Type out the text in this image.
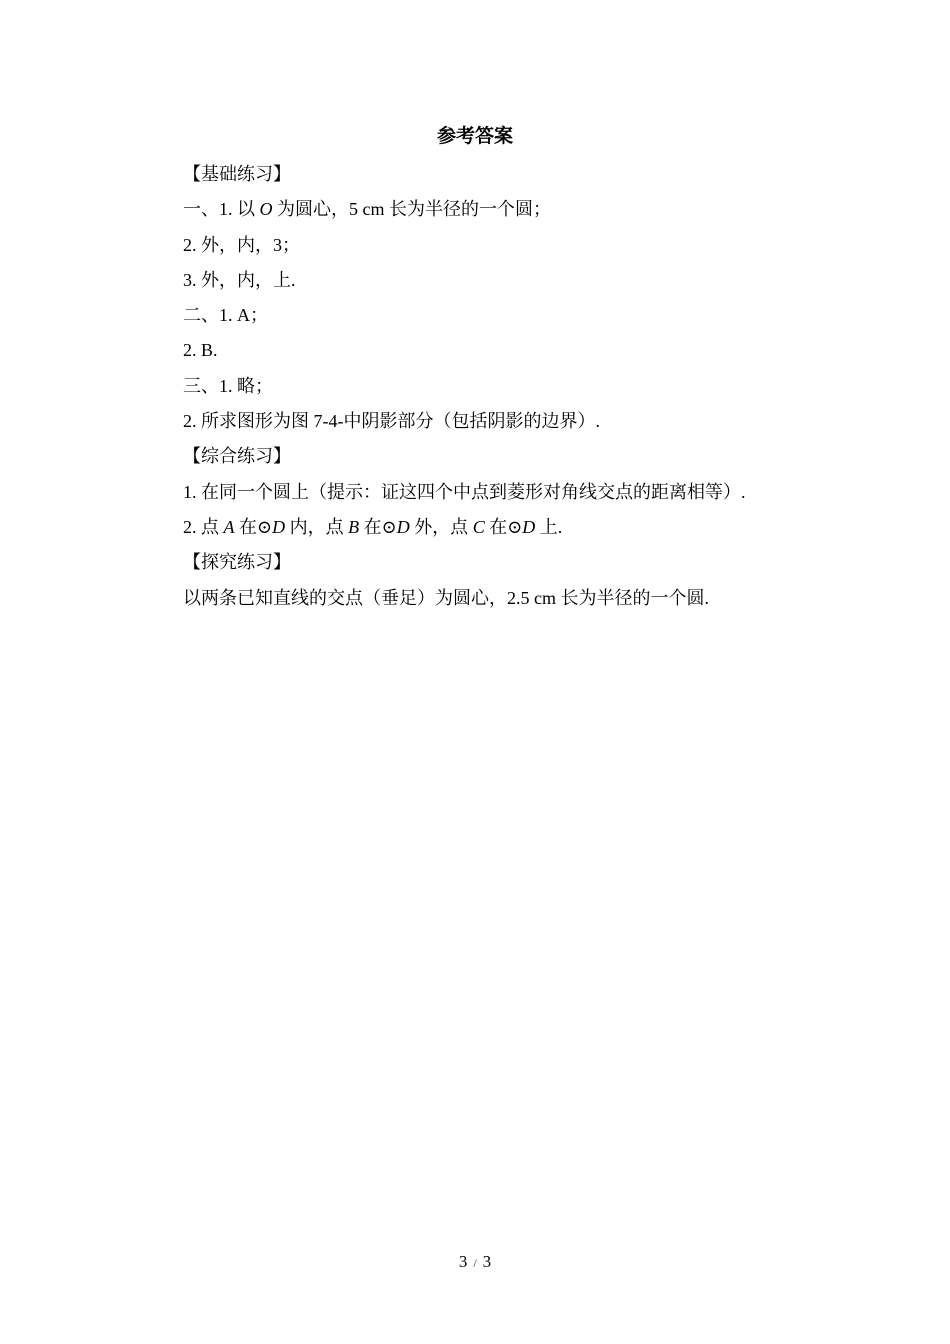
参考答案
【基础练习】
一、1. 以 O 为圆心，5 cm 长为半径的一个圆；
2. 外，内，3；
3. 外，内，上.
二、1. A；
2. B.
三、1. 略；
2. 所求图形为图 7-4-中阴影部分（包括阴影的边界）.
【综合练习】
1. 在同一个圆上（提示：证这四个中点到菱形对角线交点的距离相等）.
2. 点 A 在⊙D 内，点 B 在⊙D 外，点 C 在⊙D 上.
【探究练习】
以两条已知直线的交点（垂足）为圆心，2.5 cm 长为半径的一个圆.
3 / 3
